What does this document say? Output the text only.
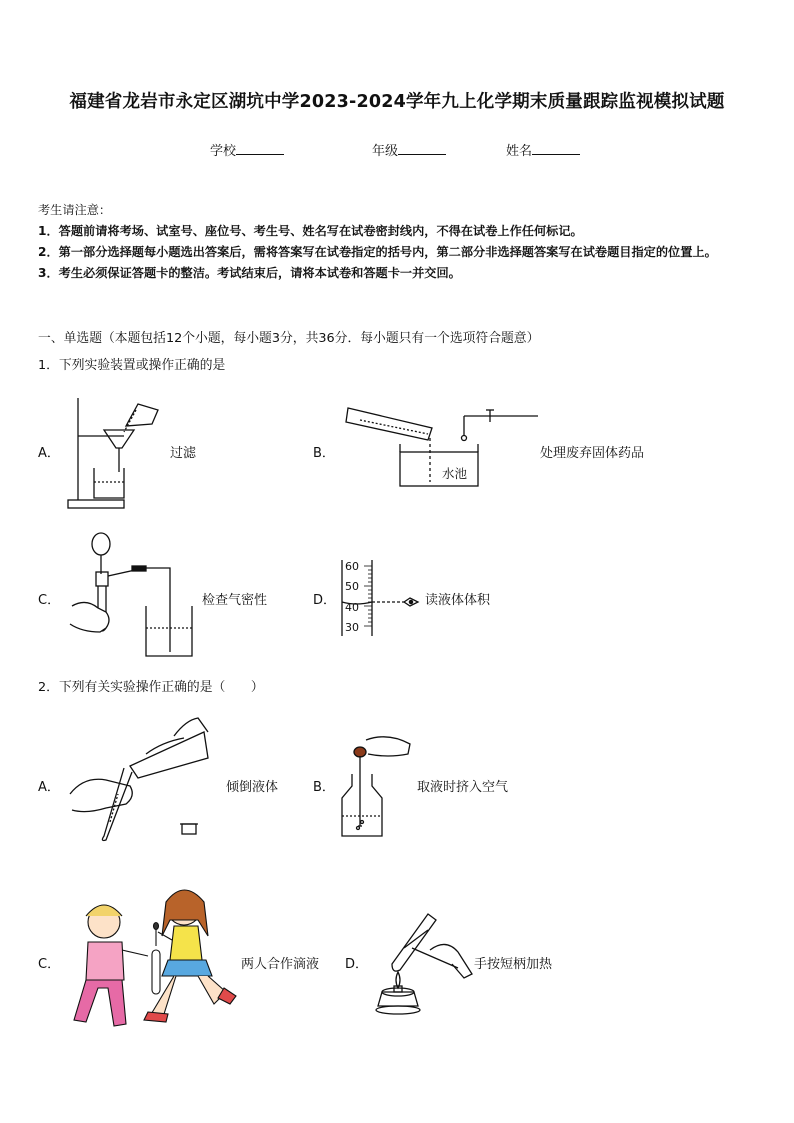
福建省龙岩市永定区湖坑中学2023-2024学年九上化学期末质量跟踪监视模拟试题
学校	年级	姓名

考生请注意：

1．答题前请将考场、试室号、座位号、考生号、姓名写在试卷密封线内，不得在试卷上作任何标记。

2．第一部分选择题每小题选出答案后，需将答案写在试卷指定的括号内，第二部分非选择题答案写在试卷题目指定的位置上。

3．考生必须保证答题卡的整洁。考试结束后，请将本试卷和答题卡一并交回。

一、单选题（本题包括12个小题，每小题3分，共36分．每小题只有一个选项符合题意）
1．下列实验装置或操作正确的是
A．	过滤	B．
水池
处理废弃固体药品
C．	检查气密性	D．
60
50
40
30
读液体体积
2．下列有关实验操作正确的是（　　）
A．	倾倒液体	B．	取液时挤入空气
C．	两人合作滴液 D．	手按短柄加热
